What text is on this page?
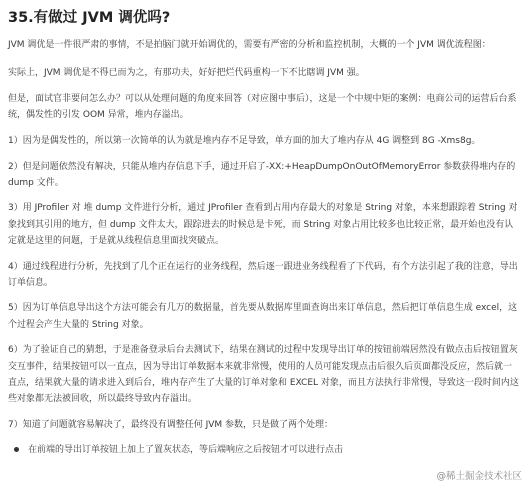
35.有做过 JVM 调优吗?

JVM 调优是一件很严肃的事情，不是拍脑门就开始调优的，需要有严密的分析和监控机制，大概的一个 JVM 调优流程图：

实际上，JVM 调优是不得已而为之，有那功夫，好好把烂代码重构一下不比瞎调 JVM 强。

但是，面试官非要问怎么办？可以从处理问题的角度来回答（对应图中事后），这是一个中规中矩的案例：电商公司的运营后台系统，偶发性的引发 OOM 异常，堆内存溢出。

1）因为是偶发性的，所以第一次简单的认为就是堆内存不足导致，单方面的加大了堆内存从 4G 调整到 8G -Xms8g。

2）但是问题依然没有解决，只能从堆内存信息下手，通过开启了-XX:+HeapDumpOnOutOfMemoryError 参数获得堆内存的 dump 文件。

3）用 JProfiler 对 堆 dump 文件进行分析，通过 JProfiler 查看到占用内存最大的对象是 String 对象，本来想跟踪着 String 对象找到其引用的地方，但 dump 文件太大，跟踪进去的时候总是卡死，而 String 对象占用比较多也比较正常，最开始也没有认定就是这里的问题，于是就从线程信息里面找突破点。

4）通过线程进行分析，先找到了几个正在运行的业务线程，然后逐一跟进业务线程看了下代码，有个方法引起了我的注意，导出订单信息。

5）因为订单信息导出这个方法可能会有几万的数据量，首先要从数据库里面查询出来订单信息，然后把订单信息生成 excel，这个过程会产生大量的 String 对象。

6）为了验证自己的猜想，于是准备登录后台去测试下，结果在测试的过程中发现导出订单的按钮前端居然没有做点击后按钮置灰交互事件，结果按钮可以一直点，因为导出订单数据本来就非常慢，使用的人员可能发现点击后很久后页面都没反应，然后就一直点，结果就大量的请求进入到后台，堆内存产生了大量的订单对象和 EXCEL 对象，而且方法执行非常慢，导致这一段时间内这些对象都无法被回收，所以最终导致内存溢出。

7）知道了问题就容易解决了，最终没有调整任何 JVM 参数，只是做了两个处理：

在前端的导出订单按钮上加上了置灰状态，等后端响应之后按钮才可以进行点击
@稀土掘金技术社区
